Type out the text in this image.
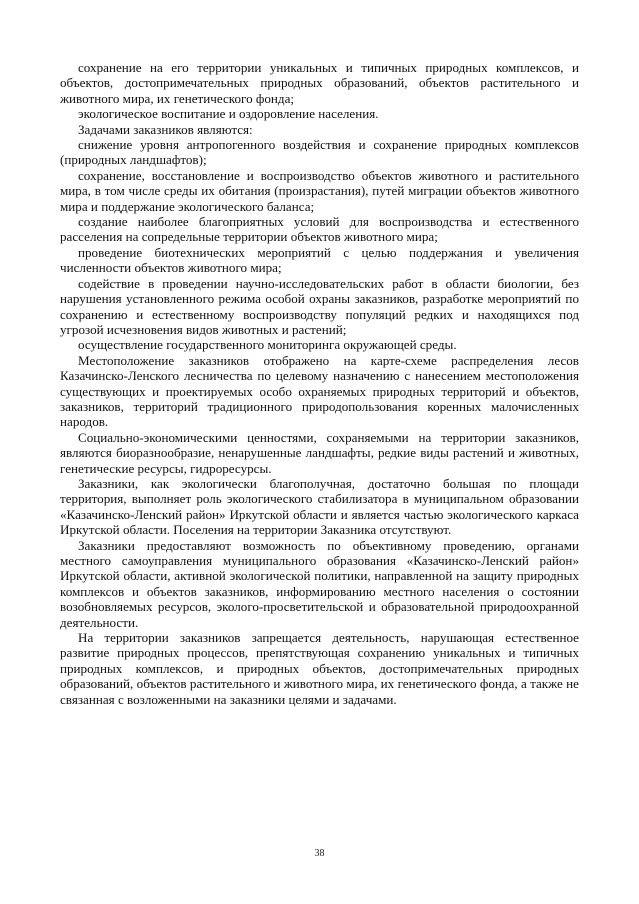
сохранение на его территории уникальных и типичных природных комплексов, и объектов, достопримечательных природных образований, объектов растительного и животного мира, их генетического фонда;

экологическое воспитание и оздоровление населения.

Задачами заказников являются:

снижение уровня антропогенного воздействия и сохранение природных комплексов (природных ландшафтов);

сохранение, восстановление и воспроизводство объектов животного и растительного мира, в том числе среды их обитания (произрастания), путей миграции объектов животного мира и поддержание экологического баланса;

создание наиболее благоприятных условий для воспроизводства и естественного расселения на сопредельные территории объектов животного мира;

проведение биотехнических мероприятий с целью поддержания и увеличения численности объектов животного мира;

содействие в проведении научно-исследовательских работ в области биологии, без нарушения установленного режима особой охраны заказников, разработке мероприятий по сохранению и естественному воспроизводству популяций редких и находящихся под угрозой исчезновения видов животных и растений;

осуществление государственного мониторинга окружающей среды.

Местоположение заказников отображено на карте-схеме распределения лесов Казачинско-Ленского лесничества по целевому назначению с нанесением местоположения существующих и проектируемых особо охраняемых природных территорий и объектов, заказников, территорий традиционного природопользования коренных малочисленных народов.

Социально-экономическими ценностями, сохраняемыми на территории заказников, являются биоразнообразие, ненарушенные ландшафты, редкие виды растений и животных, генетические ресурсы, гидроресурсы.

Заказники, как экологически благополучная, достаточно большая по площади территория, выполняет роль экологического стабилизатора в муниципальном образовании «Казачинско-Ленский район» Иркутской области и является частью экологического каркаса Иркутской области. Поселения на территории Заказника отсутствуют.

Заказники предоставляют возможность по объективному проведению, органами местного самоуправления муниципального образования «Казачинско-Ленский район» Иркутской области, активной экологической политики, направленной на защиту природных комплексов и объектов заказников, информированию местного населения о состоянии возобновляемых ресурсов, эколого-просветительской и образовательной природоохранной деятельности.

На территории заказников запрещается деятельность, нарушающая естественное развитие природных процессов, препятствующая сохранению уникальных и типичных природных комплексов, и природных объектов, достопримечательных природных образований, объектов растительного и животного мира, их генетического фонда, а также не связанная с возложенными на заказники целями и задачами.

38
